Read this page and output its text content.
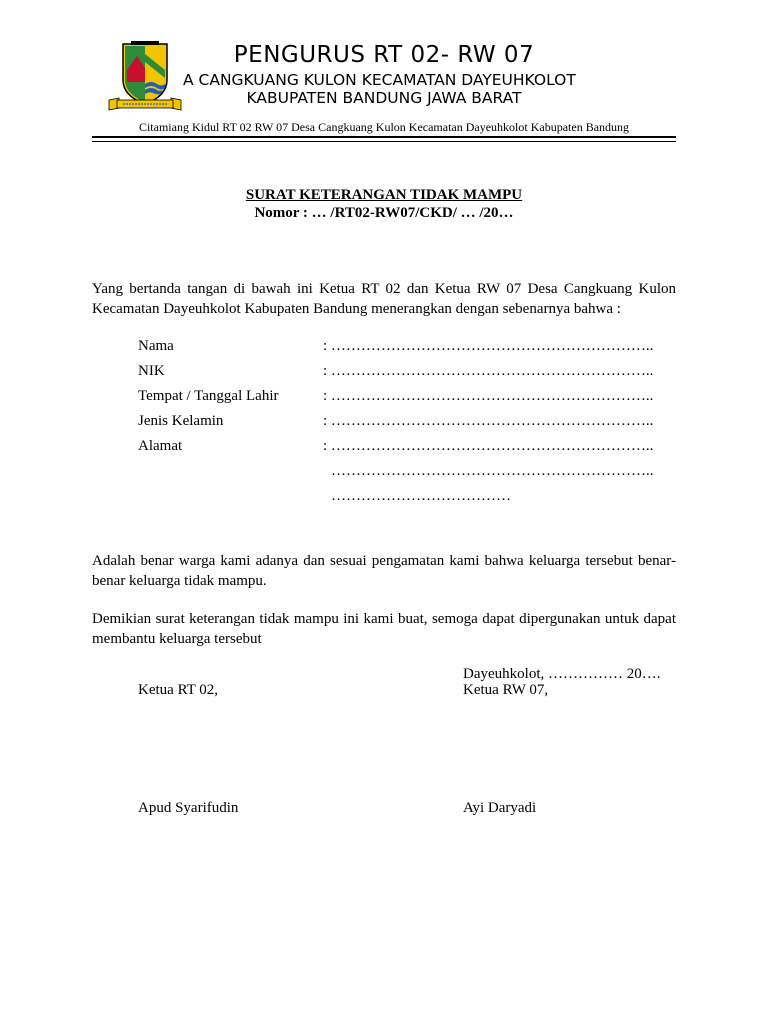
PENGURUS RT 02- RW 07
A CANGKUANG KULON KECAMATAN DAYEUHKOLOT
KABUPATEN BANDUNG JAWA BARAT
Citamiang Kidul RT 02 RW 07 Desa Cangkuang Kulon Kecamatan Dayeuhkolot Kabupaten Bandung
SURAT KETERANGAN TIDAK MAMPU
Nomor : … /RT02-RW07/CKD/ … /20…
Yang bertanda tangan di bawah ini Ketua RT 02 dan Ketua RW 07 Desa Cangkuang Kulon Kecamatan Dayeuhkolot Kabupaten Bandung menerangkan dengan sebenarnya bahwa :
Nama	: ………………………………………………………..
NIK	: ………………………………………………………..
Tempat / Tanggal Lahir	: ………………………………………………………..
Jenis Kelamin	: ………………………………………………………..
Alamat	: ………………………………………………………..
………………………………………………………..
………………………………
Adalah benar warga kami adanya dan sesuai pengamatan kami bahwa keluarga tersebut benar-benar keluarga tidak mampu.
Demikian surat keterangan tidak mampu ini kami buat, semoga dapat dipergunakan untuk dapat membantu keluarga tersebut
Dayeuhkolot, …………… 20….
Ketua RT 02,	Ketua RW 07,
Apud Syarifudin	Ayi Daryadi
